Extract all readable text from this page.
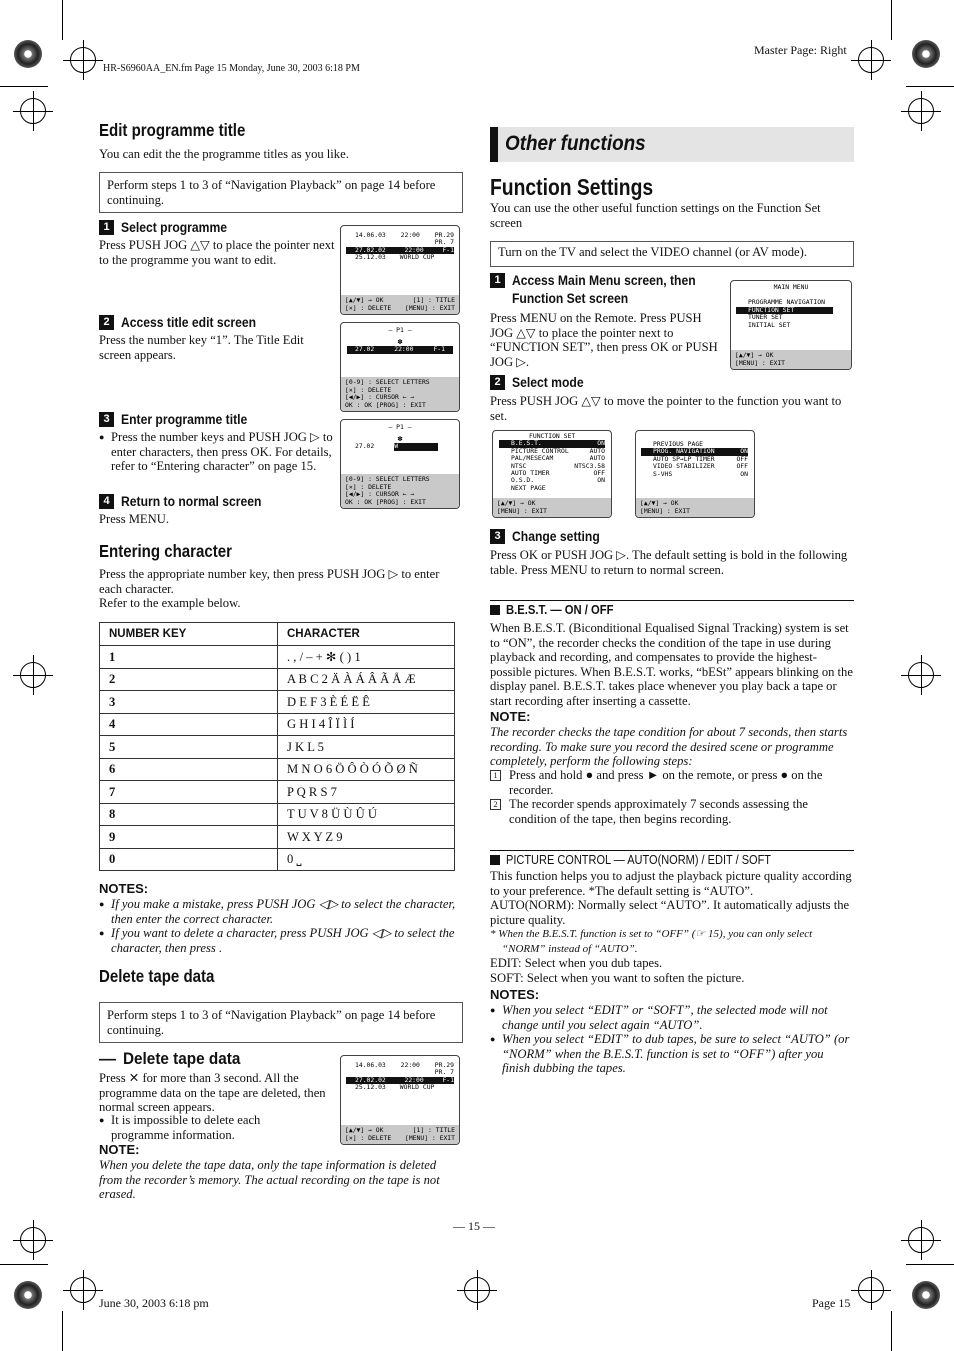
Master Page: Right
HR-S6960AA_EN.fm Page 15 Monday, June 30, 2003 6:18 PM
Edit programme title
You can edit the the programme titles as you like.
Perform steps 1 to 3 of “Navigation Playback” on page 14 before continuing.
1 Select programme
Press PUSH JOG △▽ to place the pointer next to the programme you want to edit.
2 Access title edit screen
Press the number key “1”. The Title Edit screen appears.
3 Enter programme title
● Press the number keys and PUSH JOG ▷ to enter characters, then press OK. For details, refer to “Entering character” on page 15.
4 Return to normal screen
Press MENU.
14.06.03 22:00 PR.29
PR. 7
27.02.02	22:00	F-1
25.12.03 WORLD CUP
[▲/▼] → OK	[1] : TITLE
[✕] : DELETE [MENU] : EXIT
– P1 –
✽
27.02	22:00	F-1
[0-9] : SELECT LETTERS
[✕] : DELETE
[◀/▶] : CURSOR ← →
OK : OK [PROG] : EXIT
– P1 –
✽
27.02	W
[0-9] : SELECT LETTERS
[✕] : DELETE
[◀/▶] : CURSOR ← →
OK : OK [PROG] : EXIT
Entering character
Press the appropriate number key, then press PUSH JOG ▷ to enter each character.
Refer to the example below.
NUMBER KEY	CHARACTER
1	. , / – + ✻ ( ) 1
2	A B C 2 Ä À Á Â Ã Å Æ
3	D E F 3 È É Ë Ê
4	G H I 4 Î Ï Ì Í
5	J K L 5
6	M N O 6 Ö Ô Ò Ó Õ Ø Ñ
7	P Q R S 7
8	T U V 8 Ü Ù Û Ú
9	W X Y Z 9
0	0 ⎵
NOTES:
● If you make a mistake, press PUSH JOG ◁▷ to select the character, then enter the correct character.
● If you want to delete a character, press PUSH JOG ◁▷ to select the character, then press .
Delete tape data
Perform steps 1 to 3 of “Navigation Playback” on page 14 before continuing.
— Delete tape data
Press ✕ for more than 3 second. All the programme data on the tape are deleted, then normal screen appears.
● It is impossible to delete each programme information.
NOTE:
When you delete the tape data, only the tape information is deleted from the recorder’s memory. The actual recording on the tape is not erased.
14.06.03 22:00 PR.29
PR. 7
27.02.02	22:00	F-1
25.12.03 WORLD CUP
[▲/▼] → OK	[1] : TITLE
[✕] : DELETE [MENU] : EXIT
Other functions
Function Settings
You can use the other useful function settings on the Function Set screen
Turn on the TV and select the VIDEO channel (or AV mode).
1 Access Main Menu screen, then
Function Set screen
Press MENU on the Remote. Press PUSH JOG △▽ to place the pointer next to “FUNCTION SET”, then press OK or PUSH JOG ▷.
MAIN MENU
PROGRAMME NAVIGATION
FUNCTION SET
TUNER SET
INITIAL SET
[▲/▼] → OK
[MENU] : EXIT
2 Select mode
Press PUSH JOG △▽ to move the pointer to the function you want to set.
FUNCTION SET
B.E.S.T.	ON
PICTURE CONTROL	AUTO
PAL/MESECAM	AUTO
NTSC	NTSC3.58
AUTO TIMER	OFF
O.S.D.	ON
NEXT PAGE
[▲/▼] → OK
[MENU] : EXIT
PREVIOUS PAGE
PROG. NAVIGATION	ON
AUTO SP→LP TIMER	OFF
VIDEO STABILIZER	OFF
S-VHS	ON
[▲/▼] → OK
[MENU] : EXIT
3 Change setting
Press OK or PUSH JOG ▷. The default setting is bold in the following table. Press MENU to return to normal screen.
B.E.S.T. — ON / OFF
When B.E.S.T. (Biconditional Equalised Signal Tracking) system is set to “ON”, the recorder checks the condition of the tape in use during playback and recording, and compensates to provide the highest-possible pictures. When B.E.S.T. works, “bESt” appears blinking on the display panel. B.E.S.T. takes place whenever you play back a tape or start recording after inserting a cassette.
NOTE:
The recorder checks the tape condition for about 7 seconds, then starts recording. To make sure you record the desired scene or programme completely, perform the following steps:
1 Press and hold ● and press ► on the remote, or press ● on the recorder.
2 The recorder spends approximately 7 seconds assessing the condition of the tape, then begins recording.
PICTURE CONTROL — AUTO(NORM) / EDIT / SOFT
This function helps you to adjust the playback picture quality according to your preference. *The default setting is “AUTO”.
AUTO(NORM): Normally select “AUTO”. It automatically adjusts the picture quality.
* When the B.E.S.T. function is set to “OFF” (☞ 15), you can only select “NORM” instead of “AUTO”.
EDIT: Select when you dub tapes.
SOFT: Select when you want to soften the picture.
NOTES:
● When you select “EDIT” or “SOFT”, the selected mode will not change until you select again “AUTO”.
● When you select “EDIT” to dub tapes, be sure to select “AUTO” (or “NORM” when the B.E.S.T. function is set to “OFF”) after you finish dubbing the tapes.
— 15 —
June 30, 2003 6:18 pm	Page 15
